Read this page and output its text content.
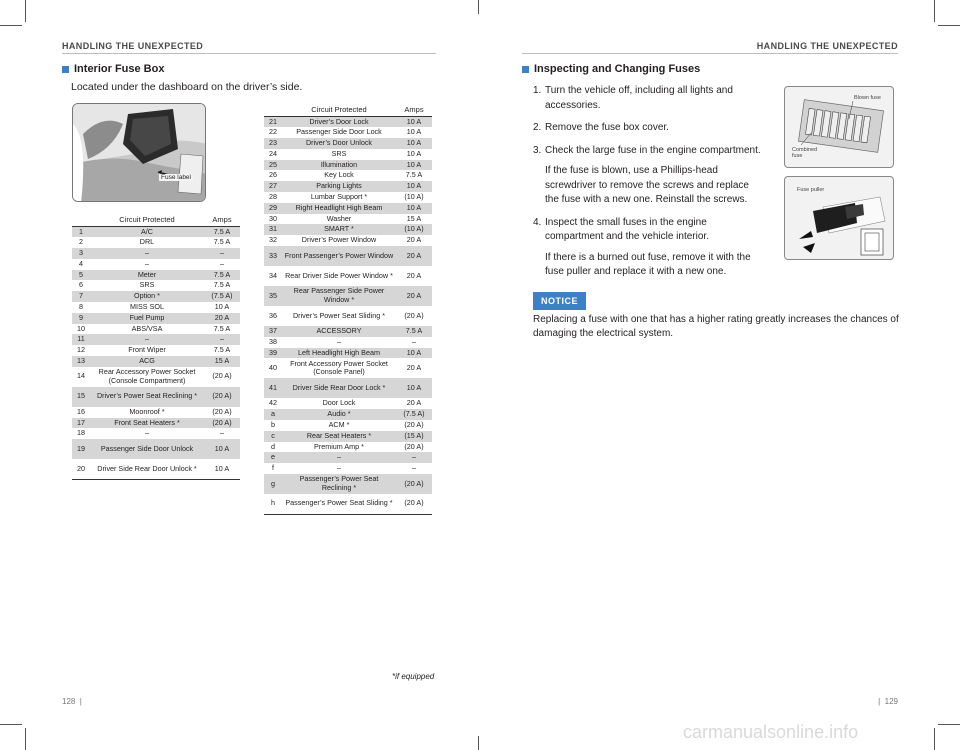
HANDLING THE UNEXPECTED	HANDLING THE UNEXPECTED
Interior Fuse Box
Located under the dashboard on the driver’s side.
Fuse label
	Circuit Protected	Amps
1	A/C	7.5 A
2	DRL	7.5 A
3	–	–
4	–	–
5	Meter	7.5 A
6	SRS	7.5 A
7	Option *	(7.5 A)
8	MISS SOL	10 A
9	Fuel Pump	20 A
10	ABS/VSA	7.5 A
11	–	–
12	Front Wiper	7.5 A
13	ACG	15 A
14	Rear Accessory Power Socket (Console Compartment)	(20 A)
15	Driver’s Power Seat Reclining *	(20 A)
16	Moonroof *	(20 A)
17	Front Seat Heaters *	(20 A)
18	–	–
19	Passenger Side Door Unlock	10 A
20	Driver Side Rear Door Unlock *	10 A
	Circuit Protected	Amps
21	Driver’s Door Lock	10 A
22	Passenger Side Door Lock	10 A
23	Driver’s Door Unlock	10 A
24	SRS	10 A
25	Illumination	10 A
26	Key Lock	7.5 A
27	Parking Lights	10 A
28	Lumbar Support *	(10 A)
29	Right Headlight High Beam	10 A
30	Washer	15 A
31	SMART *	(10 A)
32	Driver’s Power Window	20 A
33	Front Passenger’s Power Window	20 A
34	Rear Driver Side Power Window *	20 A
35	Rear Passenger Side Power Window *	20 A
36	Driver’s Power Seat Sliding *	(20 A)
37	ACCESSORY	7.5 A
38	–	–
39	Left Headlight High Beam	10 A
40	Front Accessory Power Socket (Console Panel)	20 A
41	Driver Side Rear Door Lock *	10 A
42	Door Lock	20 A
a	Audio *	(7.5 A)
b	ACM *	(20 A)
c	Rear Seat Heaters *	(15 A)
d	Premium Amp *	(20 A)
e	–	–
f	–	–
g	Passenger’s Power Seat Reclining *	(20 A)
h	Passenger’s Power Seat Sliding *	(20 A)
*if equipped
128  |	|  129
Inspecting and Changing Fuses
1. Turn the vehicle off, including all lights and accessories.
2. Remove the fuse box cover.
3. Check the large fuse in the engine compartment.
If the fuse is blown, use a Phillips-head screwdriver to remove the screws and replace the fuse with a new one. Reinstall the screws.
4. Inspect the small fuses in the engine compartment and the vehicle interior.
If there is a burned out fuse, remove it with the fuse puller and replace it with a new one.
Blown fuse
Combined fuse
Fuse puller
NOTICE
Replacing a fuse with one that has a higher rating greatly increases the chances of damaging the electrical system.
carmanualsonline.info
